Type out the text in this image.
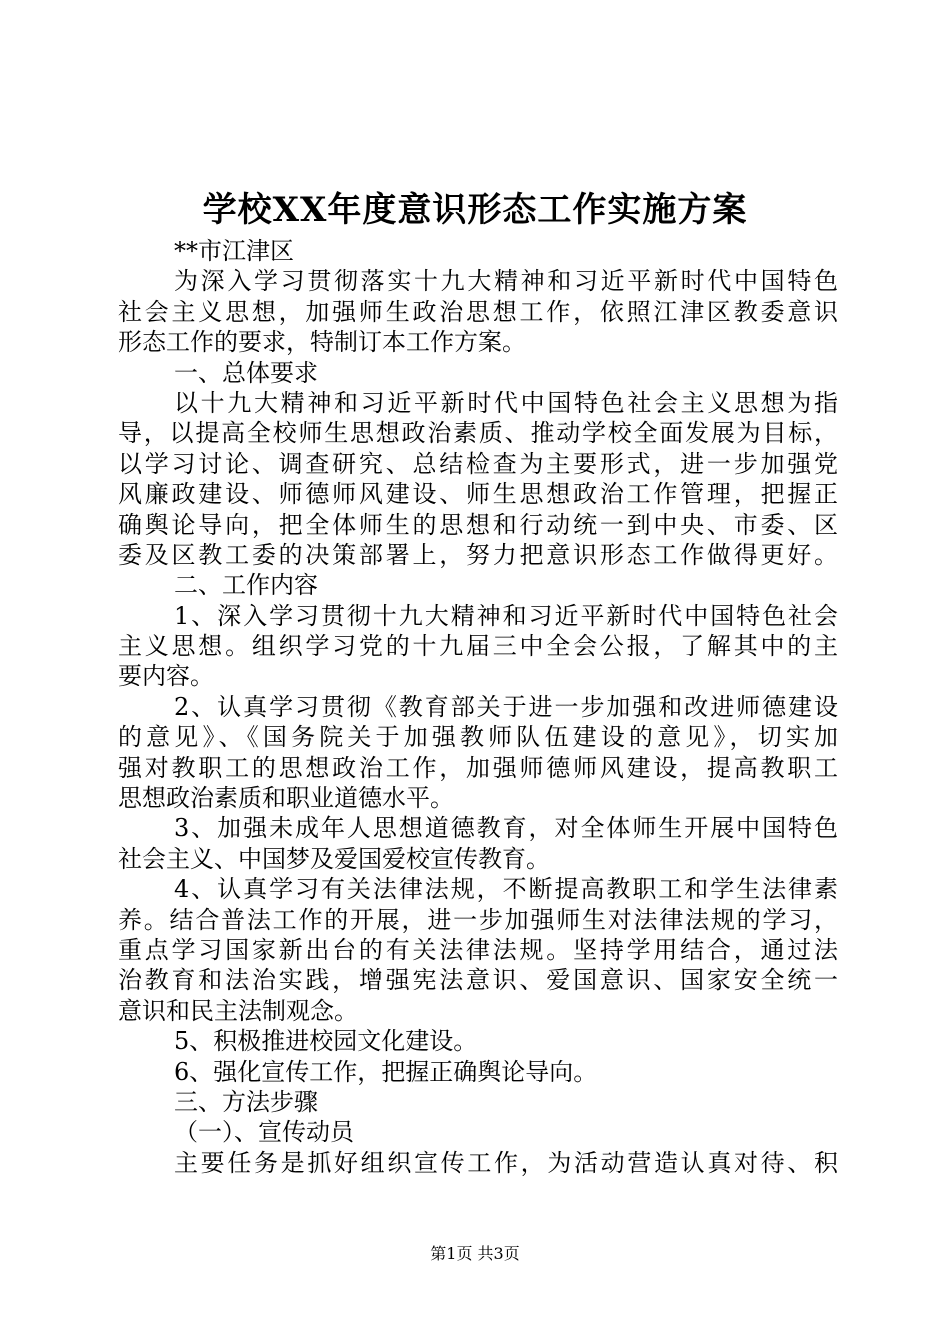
学校XX年度意识形态工作实施方案
**市江津区
为深入学习贯彻落实十九大精神和习近平新时代中国特色
社会主义思想，加强师生政治思想工作，依照江津区教委意识
形态工作的要求，特制订本工作方案。
一、总体要求
以十九大精神和习近平新时代中国特色社会主义思想为指
导，以提高全校师生思想政治素质、推动学校全面发展为目标，
以学习讨论、调查研究、总结检查为主要形式，进一步加强党
风廉政建设、师德师风建设、师生思想政治工作管理，把握正
确舆论导向，把全体师生的思想和行动统一到中央、市委、区
委及区教工委的决策部署上，努力把意识形态工作做得更好。
二、工作内容
1、深入学习贯彻十九大精神和习近平新时代中国特色社会
主义思想。组织学习党的十九届三中全会公报，了解其中的主
要内容。
2、认真学习贯彻《教育部关于进一步加强和改进师德建设
的意见》、《国务院关于加强教师队伍建设的意见》，切实加
强对教职工的思想政治工作，加强师德师风建设，提高教职工
思想政治素质和职业道德水平。
3、加强未成年人思想道德教育，对全体师生开展中国特色
社会主义、中国梦及爱国爱校宣传教育。
4、认真学习有关法律法规，不断提高教职工和学生法律素
养。结合普法工作的开展，进一步加强师生对法律法规的学习，
重点学习国家新出台的有关法律法规。坚持学用结合，通过法
治教育和法治实践，增强宪法意识、爱国意识、国家安全统一
意识和民主法制观念。
5、积极推进校园文化建设。
6、强化宣传工作，把握正确舆论导向。
三、方法步骤
（一）、宣传动员
主要任务是抓好组织宣传工作，为活动营造认真对待、积
第1页 共3页
